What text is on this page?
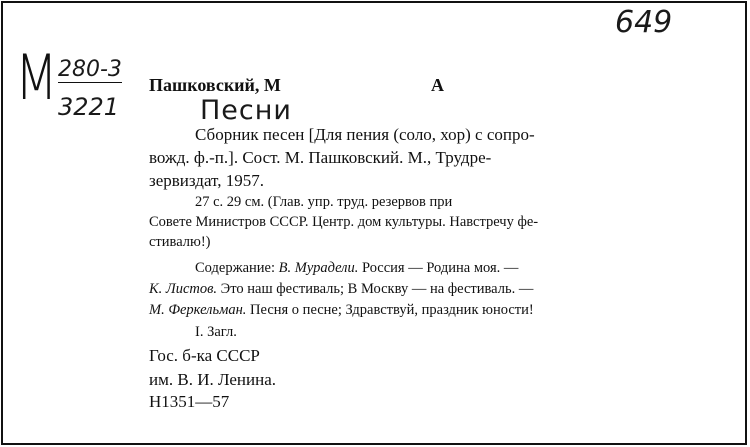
649
М 280-3
3221
Пашковский, М	А
Песни
Сборник песен [Для пения (соло, хор) с сопро-
вожд. ф.-п.]. Сост. М. Пашковский. М., Трудре-
зервиздат, 1957.
27 с. 29 см. (Глав. упр. труд. резервов при
Совете Министров СССР. Центр. дом культуры. Навстречу фе-
стивалю!)
Содержание: В. Мурадели. Россия — Родина моя. —
К. Листов. Это наш фестиваль; В Москву — на фестиваль. —
М. Феркельман. Песня о песне; Здравствуй, праздник юности!
I. Загл.
Гос. б-ка СССР
им. В. И. Ленина.
Н1351—57
